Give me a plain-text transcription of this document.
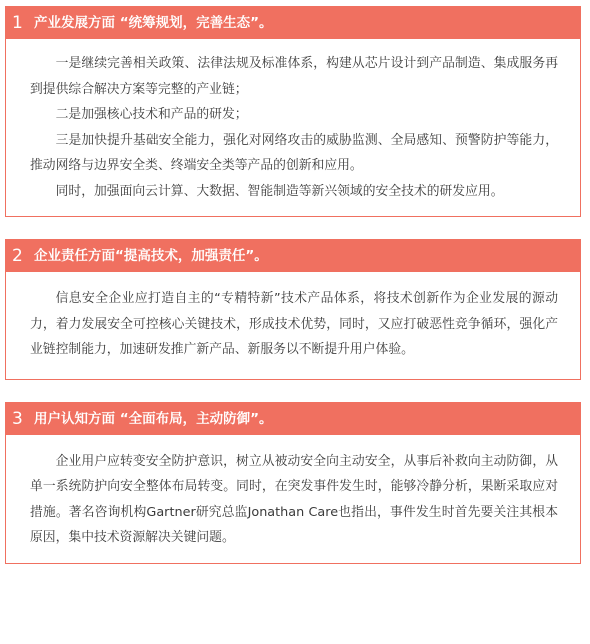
1 产业发展方面 “统筹规划，完善生态”。

一是继续完善相关政策、法律法规及标准体系，构建从芯片设计到产品制造、集成服务再到提供综合解决方案等完整的产业链；

二是加强核心技术和产品的研发；

三是加快提升基础安全能力，强化对网络攻击的威胁监测、全局感知、预警防护等能力，推动网络与边界安全类、终端安全类等产品的创新和应用。

同时，加强面向云计算、大数据、智能制造等新兴领域的安全技术的研发应用。

2 企业责任方面“提高技术，加强责任”。

信息安全企业应打造自主的“专精特新”技术产品体系，将技术创新作为企业发展的源动力，着力发展安全可控核心关键技术，形成技术优势，同时，又应打破恶性竞争循环，强化产业链控制能力，加速研发推广新产品、新服务以不断提升用户体验。

3 用户认知方面 “全面布局，主动防御”。

企业用户应转变安全防护意识，树立从被动安全向主动安全，从事后补救向主动防御，从单一系统防护向安全整体布局转变。同时，在突发事件发生时，能够冷静分析，果断采取应对措施。著名咨询机构Gartner研究总监Jonathan Care也指出，事件发生时首先要关注其根本原因，集中技术资源解决关键问题。
